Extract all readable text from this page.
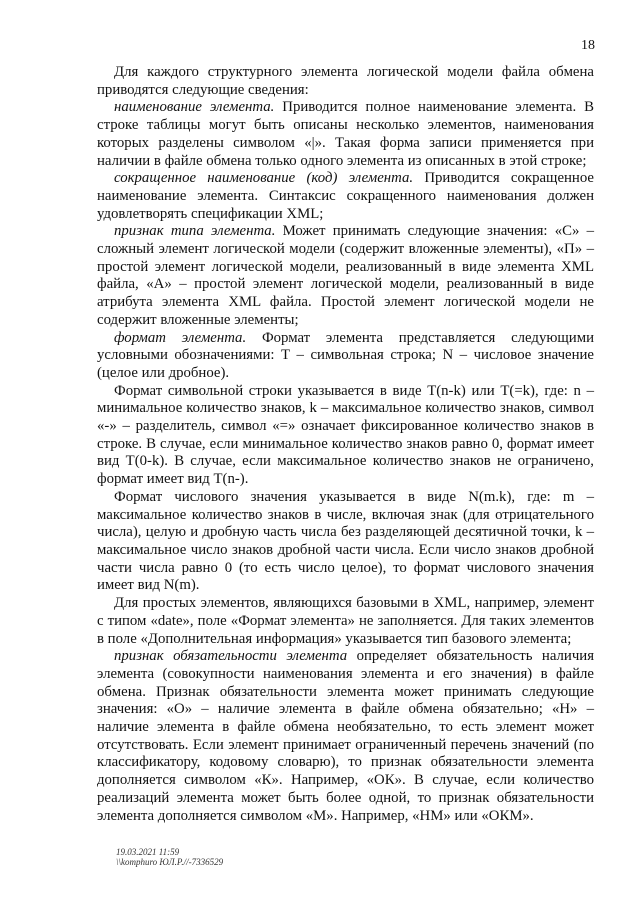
18

Для каждого структурного элемента логической модели файла обмена приводятся следующие сведения:

наименование элемента. Приводится полное наименование элемента. В строке таблицы могут быть описаны несколько элементов, наименования которых разделены символом «|». Такая форма записи применяется при наличии в файле обмена только одного элемента из описанных в этой строке;

сокращенное наименование (код) элемента. Приводится сокращенное наименование элемента. Синтаксис сокращенного наименования должен удовлетворять спецификации XML;

признак типа элемента. Может принимать следующие значения: «С» – сложный элемент логической модели (содержит вложенные элементы), «П» – простой элемент логической модели, реализованный в виде элемента XML файла, «А» – простой элемент логической модели, реализованный в виде атрибута элемента XML файла. Простой элемент логической модели не содержит вложенные элементы;

формат элемента. Формат элемента представляется следующими условными обозначениями: Т – символьная строка; N – числовое значение (целое или дробное).

Формат символьной строки указывается в виде Т(n-k) или Т(=k), где: n – минимальное количество знаков, k – максимальное количество знаков, символ «-» – разделитель, символ «=» означает фиксированное количество знаков в строке. В случае, если минимальное количество знаков равно 0, формат имеет вид Т(0-k). В случае, если максимальное количество знаков не ограничено, формат имеет вид Т(n-).

Формат числового значения указывается в виде N(m.k), где: m – максимальное количество знаков в числе, включая знак (для отрицательного числа), целую и дробную часть числа без разделяющей десятичной точки, k – максимальное число знаков дробной части числа. Если число знаков дробной части числа равно 0 (то есть число целое), то формат числового значения имеет вид N(m).

Для простых элементов, являющихся базовыми в XML, например, элемент с типом «date», поле «Формат элемента» не заполняется. Для таких элементов в поле «Дополнительная информация» указывается тип базового элемента;

признак обязательности элемента определяет обязательность наличия элемента (совокупности наименования элемента и его значения) в файле обмена. Признак обязательности элемента может принимать следующие значения: «О» – наличие элемента в файле обмена обязательно; «Н» – наличие элемента в файле обмена необязательно, то есть элемент может отсутствовать. Если элемент принимает ограниченный перечень значений (по классификатору, кодовому словарю), то признак обязательности элемента дополняется символом «К». Например, «ОК». В случае, если количество реализаций элемента может быть более одной, то признак обязательности элемента дополняется символом «М». Например, «НМ» или «ОКМ».

19.03.2021 11:59
\\komphuro ЮЛ.Р.//-7336529
